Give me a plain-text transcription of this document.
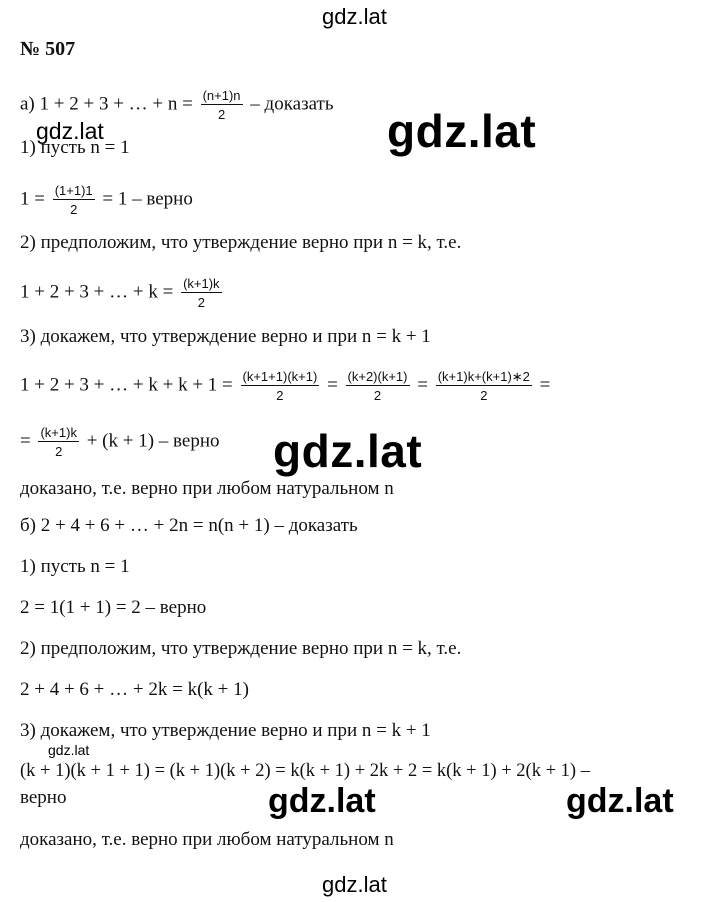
gdz.lat
gdz.lat
gdz.lat
gdz.lat
gdz.lat
gdz.lat	gdz.lat
gdz.lat
№ 507
а) 1 + 2 + 3 + … + $n = \frac{(n+1)n}{2}$ – доказать
1) пусть n = 1
$1 = \frac{(1+1)1}{2} = 1$ – верно
2) предположим, что утверждение верно при n = k, т.е.
1 + 2 + 3 + … + $k = \frac{(k+1)k}{2}$
3) докажем, что утверждение верно и при n = k + 1
1 + 2 + 3 + … + $k + k + 1 = \frac{(k+1+1)(k+1)}{2} = \frac{(k+2)(k+1)}{2} = \frac{(k+1)k+(k+1)∗2}{2}$ =
= $\frac{(k+1)k}{2} + (k + 1)$ – верно
доказано, т.е. верно при любом натуральном n
б) 2 + 4 + 6 + … + 2n = n(n + 1) – доказать
1) пусть n = 1
2 = 1(1 + 1) = 2 – верно
2) предположим, что утверждение верно при n = k, т.е.
2 + 4 + 6 + … + 2k = k(k + 1)
3) докажем, что утверждение верно и при n = k + 1
(k + 1)(k + 1 + 1) = (k + 1)(k + 2) = k(k + 1) + 2k + 2 = k(k + 1) + 2(k + 1) –
верно
доказано, т.е. верно при любом натуральном n
